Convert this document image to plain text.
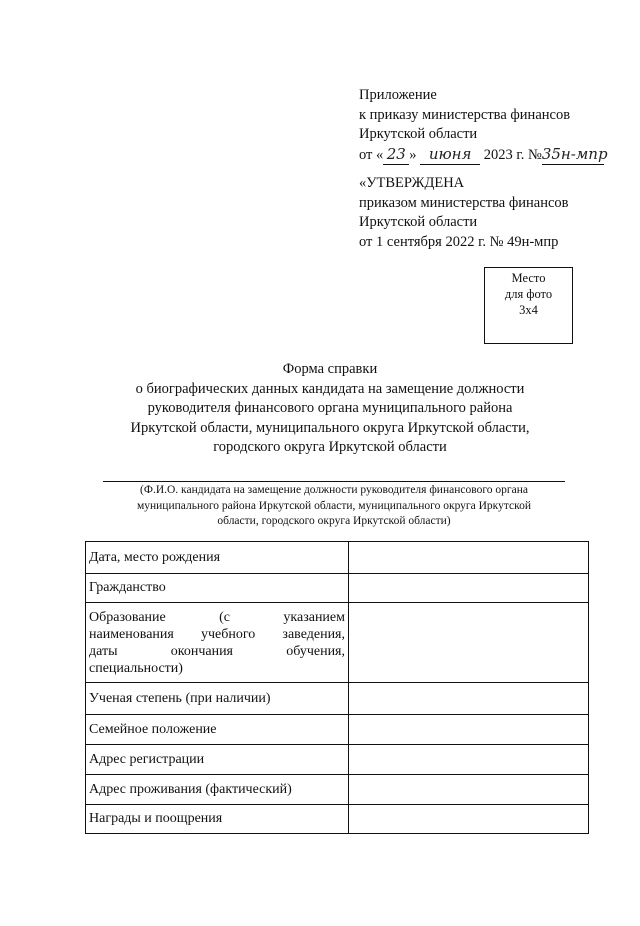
Приложение
к приказу министерства финансов
Иркутской области
от « 23 » июня 2023 г. №35н-мпр
«УТВЕРЖДЕНА
приказом министерства финансов
Иркутской области
от 1 сентября 2022 г. № 49н-мпр
Место
для фото
3х4
Форма справки
о биографических данных кандидата на замещение должности
руководителя финансового органа муниципального района
Иркутской области, муниципального округа Иркутской области,
городского округа Иркутской области
(Ф.И.О. кандидата на замещение должности руководителя финансового органа
муниципального района Иркутской области, муниципального округа Иркутской
области, городского округа Иркутской области)
Дата, место рождения	
Гражданство	

Образование (с указанием
наименования учебного заведения,
даты окончания обучения,
специальности)	

Ученая степень (при наличии)	
Семейное положение	
Адрес регистрации	
Адрес проживания (фактический)	
Награды и поощрения	
